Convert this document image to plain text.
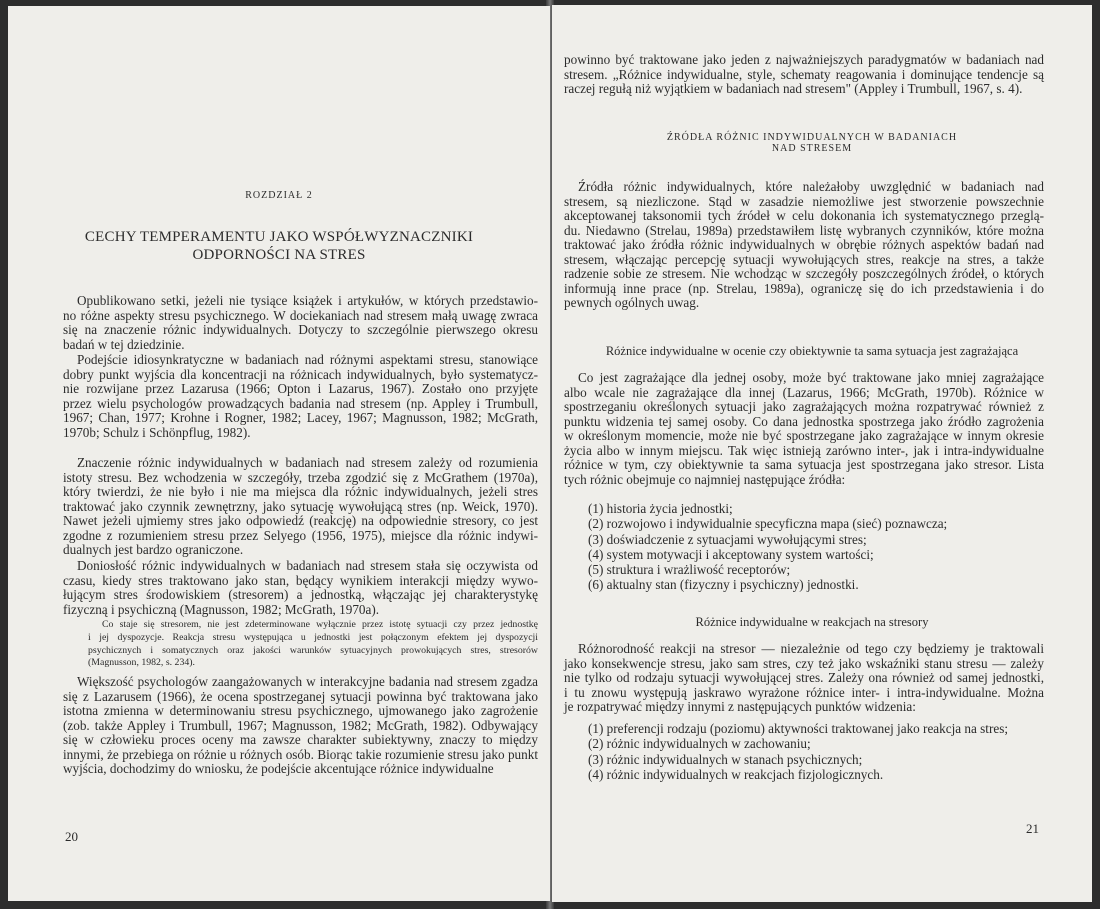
ROZDZIAŁ 2
CECHY TEMPERAMENTU JAKO WSPÓŁWYZNACZNIKI
ODPORNOŚCI NA STRES
Opublikowano setki, jeżeli nie tysiące książek i artykułów, w których przedstawio-
no różne aspekty stresu psychicznego. W dociekaniach nad stresem małą uwagę zwraca
się na znaczenie różnic indywidualnych. Dotyczy to szczególnie pierwszego okresu
badań w tej dziedzinie.
Podejście idiosynkratyczne w badaniach nad różnymi aspektami stresu, stanowiące
dobry punkt wyjścia dla koncentracji na różnicach indywidualnych, było systematycz-
nie rozwijane przez Lazarusa (1966; Opton i Lazarus, 1967). Zostało ono przyjęte
przez wielu psychologów prowadzących badania nad stresem (np. Appley i Trumbull,
1967; Chan, 1977; Krohne i Rogner, 1982; Lacey, 1967; Magnusson, 1982; McGrath,
1970b; Schulz i Schönpflug, 1982).
Znaczenie różnic indywidualnych w badaniach nad stresem zależy od rozumienia
istoty stresu. Bez wchodzenia w szczegóły, trzeba zgodzić się z McGrathem (1970a),
który twierdzi, że nie było i nie ma miejsca dla różnic indywidualnych, jeżeli stres
traktować jako czynnik zewnętrzny, jako sytuację wywołującą stres (np. Weick, 1970).
Nawet jeżeli ujmiemy stres jako odpowiedź (reakcję) na odpowiednie stresory, co jest
zgodne z rozumieniem stresu przez Selyego (1956, 1975), miejsce dla różnic indywi-
dualnych jest bardzo ograniczone.
Doniosłość różnic indywidualnych w badaniach nad stresem stała się oczywista od
czasu, kiedy stres traktowano jako stan, będący wynikiem interakcji między wywo-
łującym stres środowiskiem (stresorem) a jednostką, włączając jej charakterystykę
fizyczną i psychiczną (Magnusson, 1982; McGrath, 1970a).
Co staje się stresorem, nie jest zdeterminowane wyłącznie przez istotę sytuacji czy przez jednostkę
i jej dyspozycje. Reakcja stresu występująca u jednostki jest połączonym efektem jej dyspozycji
psychicznych i somatycznych oraz jakości warunków sytuacyjnych prowokujących stres, stresorów
(Magnusson, 1982, s. 234).
Większość psychologów zaangażowanych w interakcyjne badania nad stresem zgadza
się z Lazarusem (1966), że ocena spostrzeganej sytuacji powinna być traktowana jako
istotna zmienna w determinowaniu stresu psychicznego, ujmowanego jako zagrożenie
(zob. także Appley i Trumbull, 1967; Magnusson, 1982; McGrath, 1982). Odbywający
się w człowieku proces oceny ma zawsze charakter subiektywny, znaczy to między
innymi, że przebiega on różnie u różnych osób. Biorąc takie rozumienie stresu jako punkt
wyjścia, dochodzimy do wniosku, że podejście akcentujące różnice indywidualne
20
powinno być traktowane jako jeden z najważniejszych paradygmatów w badaniach nad
stresem. „Różnice indywidualne, style, schematy reagowania i dominujące tendencje są
raczej regułą niż wyjątkiem w badaniach nad stresem" (Appley i Trumbull, 1967, s. 4).
ŹRÓDŁA RÓŻNIC INDYWIDUALNYCH W BADANIACH
NAD STRESEM
Źródła różnic indywidualnych, które należałoby uwzględnić w badaniach nad
stresem, są niezliczone. Stąd w zasadzie niemożliwe jest stworzenie powszechnie
akceptowanej taksonomii tych źródeł w celu dokonania ich systematycznego przeglą-
du. Niedawno (Strelau, 1989a) przedstawiłem listę wybranych czynników, które można
traktować jako źródła różnic indywidualnych w obrębie różnych aspektów badań nad
stresem, włączając percepcję sytuacji wywołujących stres, reakcje na stres, a także
radzenie sobie ze stresem. Nie wchodząc w szczegóły poszczególnych źródeł, o których
informują inne prace (np. Strelau, 1989a), ograniczę się do ich przedstawienia i do
pewnych ogólnych uwag.
Różnice indywidualne w ocenie czy obiektywnie ta sama sytuacja jest zagrażająca
Co jest zagrażające dla jednej osoby, może być traktowane jako mniej zagrażające
albo wcale nie zagrażające dla innej (Lazarus, 1966; McGrath, 1970b). Różnice w
spostrzeganiu określonych sytuacji jako zagrażających można rozpatrywać również z
punktu widzenia tej samej osoby. Co dana jednostka spostrzega jako źródło zagrożenia
w określonym momencie, może nie być spostrzegane jako zagrażające w innym okresie
życia albo w innym miejscu. Tak więc istnieją zarówno inter-, jak i intra-indywidualne
różnice w tym, czy obiektywnie ta sama sytuacja jest spostrzegana jako stresor. Lista
tych różnic obejmuje co najmniej następujące źródła:
(1) historia życia jednostki;
(2) rozwojowo i indywidualnie specyficzna mapa (sieć) poznawcza;
(3) doświadczenie z sytuacjami wywołującymi stres;
(4) system motywacji i akceptowany system wartości;
(5) struktura i wrażliwość receptorów;
(6) aktualny stan (fizyczny i psychiczny) jednostki.
Różnice indywidualne w reakcjach na stresory
Różnorodność reakcji na stresor — niezależnie od tego czy będziemy je traktowali
jako konsekwencje stresu, jako sam stres, czy też jako wskaźniki stanu stresu — zależy
nie tylko od rodzaju sytuacji wywołującej stres. Zależy ona również od samej jednostki,
i tu znowu występują jaskrawo wyrażone różnice inter- i intra-indywidualne. Można
je rozpatrywać między innymi z następujących punktów widzenia:
(1) preferencji rodzaju (poziomu) aktywności traktowanej jako reakcja na stres;
(2) różnic indywidualnych w zachowaniu;
(3) różnic indywidualnych w stanach psychicznych;
(4) różnic indywidualnych w reakcjach fizjologicznych.
21
